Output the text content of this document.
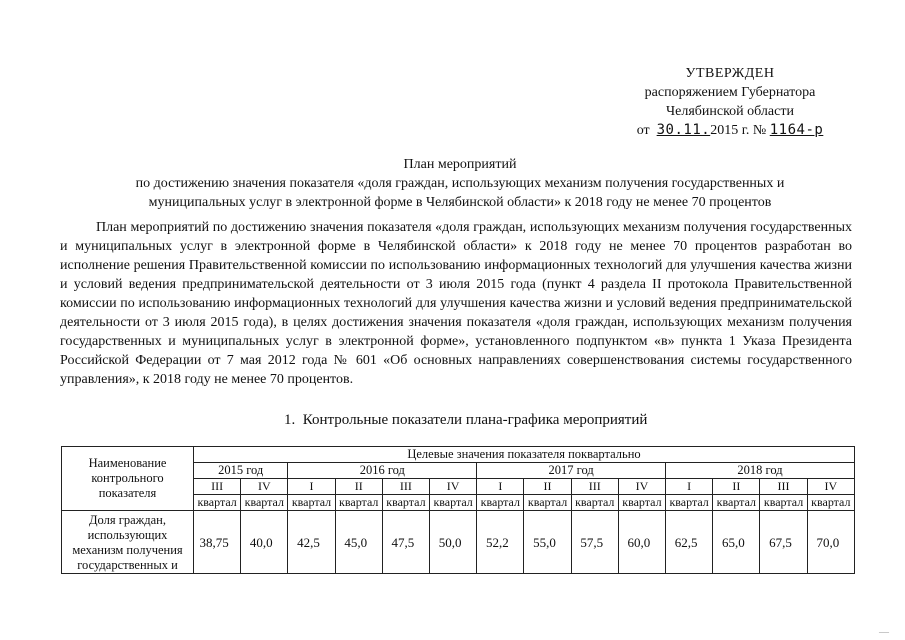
УТВЕРЖДЕН
распоряжением Губернатора
Челябинской области
от 30.11.2015 г. № 1164-р
План мероприятий
по достижению значения показателя «доля граждан, использующих механизм получения государственных и
муниципальных услуг в электронной форме в Челябинской области» к 2018 году не менее 70 процентов
План мероприятий по достижению значения показателя «доля граждан, использующих механизм получения государственных и муниципальных услуг в электронной форме в Челябинской области» к 2018 году не менее 70 процентов разработан во исполнение решения Правительственной комиссии по использованию информационных технологий для улучшения качества жизни и условий ведения предпринимательской деятельности от 3 июля 2015 года (пункт 4 раздела II протокола Правительственной комиссии по использованию информационных технологий для улучшения качества жизни и условий ведения предпринимательской деятельности от 3 июля 2015 года), в целях достижения значения показателя «доля граждан, использующих механизм получения государственных и муниципальных услуг в электронной форме», установленного подпунктом «в» пункта 1 Указа Президента Российской Федерации от 7 мая 2012 года № 601 «Об основных направлениях совершенствования системы государственного управления», к 2018 году не менее 70 процентов.
1. Контрольные показатели плана-графика мероприятий
Наименование контрольного показателя	Целевые значения показателя поквартально													
	2015 год		2016 год				2017 год				2018 год			
	III	IV	I	II	III	IV	I	II	III	IV	I	II	III	IV
	квартал	квартал	квартал	квартал	квартал	квартал	квартал	квартал	квартал	квартал	квартал	квартал	квартал	квартал
Доля граждан, использующих механизм получения государственных и	38,75	40,0	42,5	45,0	47,5	50,0	52,2	55,0	57,5	60,0	62,5	65,0	67,5	70,0
—
